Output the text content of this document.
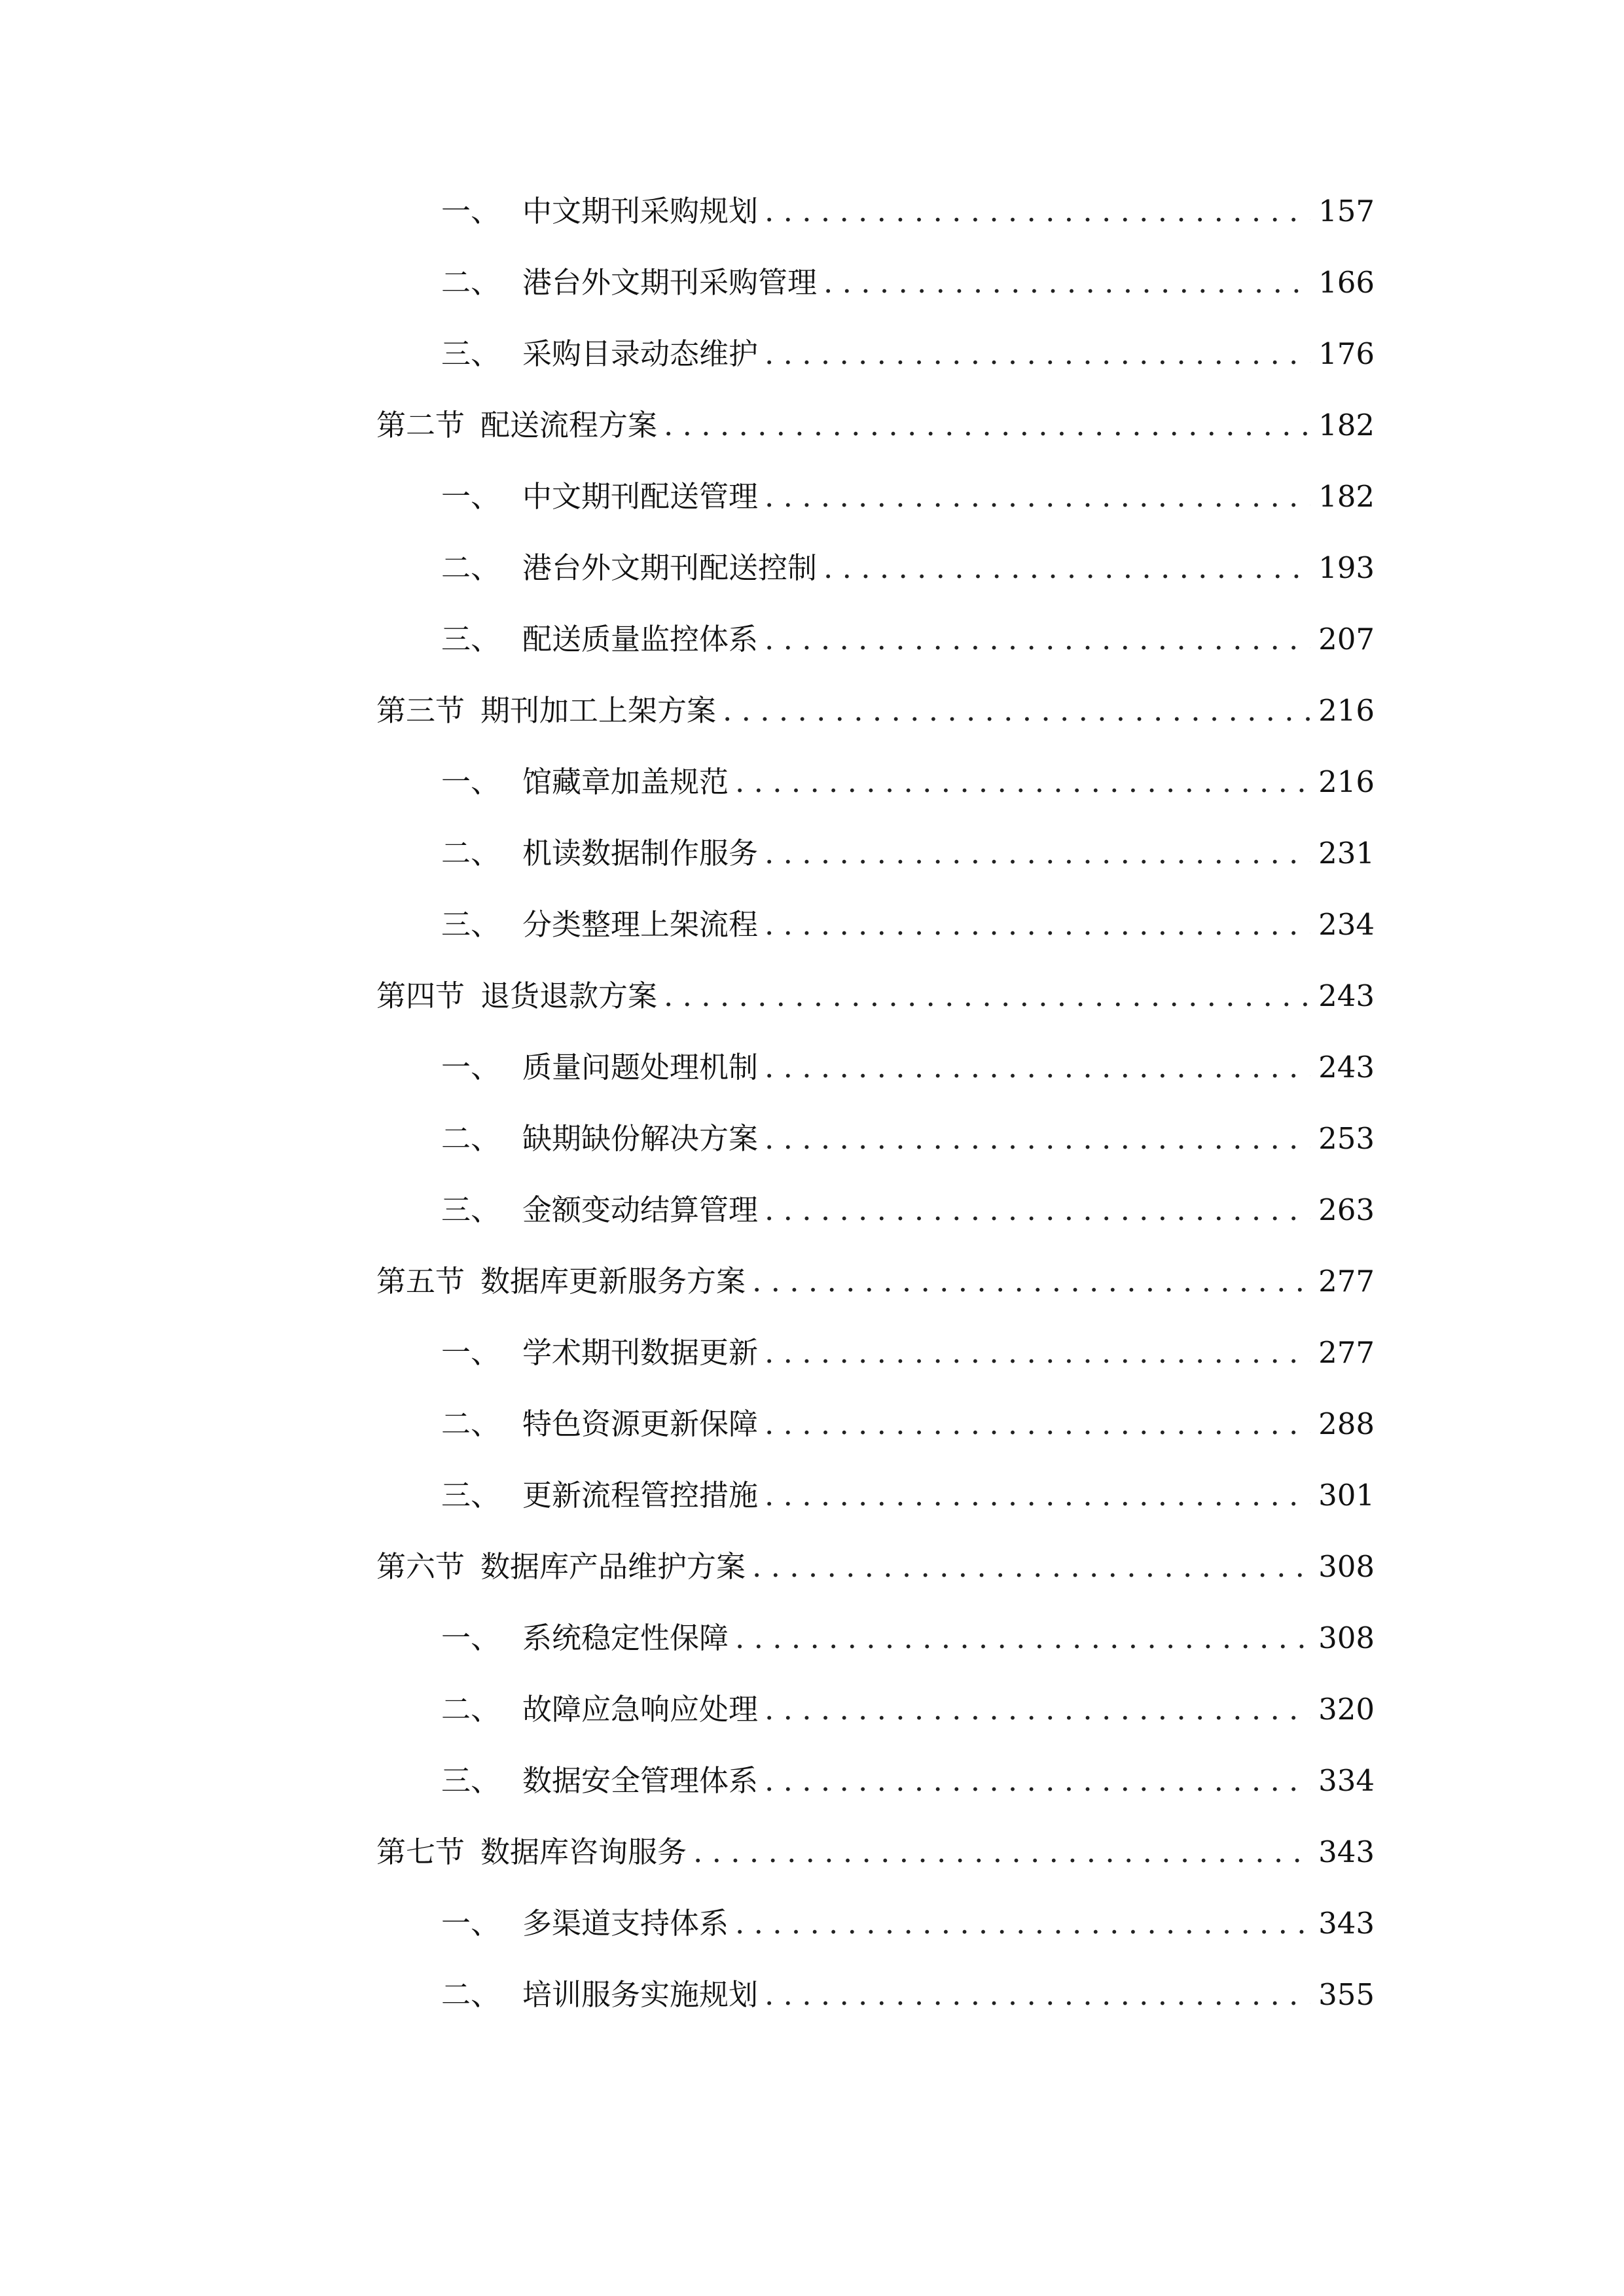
一、 中文期刊采购规划 . . .	157
二、 港台外文期刊采购管理 . . .	166
三、 采购目录动态维护 . . .	176
第二节 配送流程方案 . . .	182
一、 中文期刊配送管理 . . .	182
二、 港台外文期刊配送控制 . . .	193
三、 配送质量监控体系 . . .	207
第三节 期刊加工上架方案 . . .	216
一、 馆藏章加盖规范 . . .	216
二、 机读数据制作服务 . . .	231
三、 分类整理上架流程 . . .	234
第四节 退货退款方案 . . .	243
一、 质量问题处理机制 . . .	243
二、 缺期缺份解决方案 . . .	253
三、 金额变动结算管理 . . .	263
第五节 数据库更新服务方案 . . .	277
一、 学术期刊数据更新 . . .	277
二、 特色资源更新保障 . . .	288
三、 更新流程管控措施 . . .	301
第六节 数据库产品维护方案 . . .	308
一、 系统稳定性保障 . . .	308
二、 故障应急响应处理 . . .	320
三、 数据安全管理体系 . . .	334
第七节 数据库咨询服务 . . .	343
一、 多渠道支持体系 . . .	343
二、 培训服务实施规划 . . .	355
